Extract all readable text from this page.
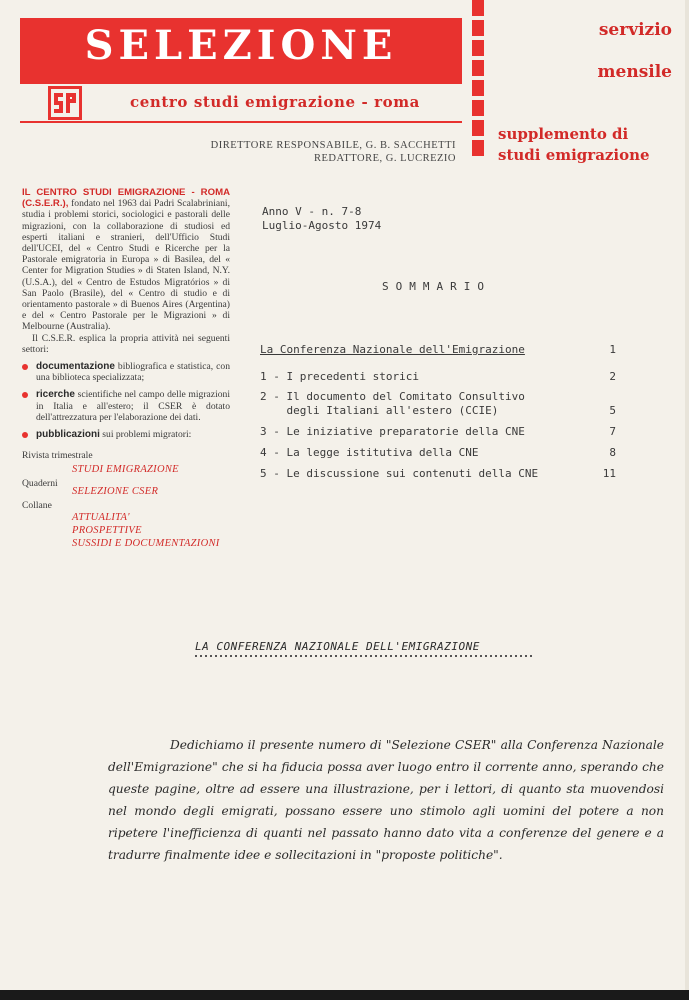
SELEZIONE
centro studi emigrazione - roma
servizio
mensile
supplemento di
studi emigrazione
DIRETTORE RESPONSABILE, G. B. SACCHETTI
REDATTORE, G. LUCREZIO

IL CENTRO STUDI EMIGRAZIONE - ROMA (C.S.E.R.), fondato nel 1963 dai Padri Scalabriniani, studia i problemi storici, sociologici e pastorali delle migrazioni, con la collaborazione di studiosi ed esperti italiani e stranieri, dell'Ufficio Studi dell'UCEI, del « Centro Studi e Ricerche per la Pastorale emigratoria in Europa » di Basilea, del « Center for Migration Studies » di Staten Island, N.Y. (U.S.A.), del « Centro de Estudos Migratórios » di San Paolo (Brasile), del « Centro di studio e di orientamento pastorale » di Buenos Aires (Argentina) e del « Centro Pastorale per le Migrazioni » di Melbourne (Australia).

Il C.S.E.R. esplica la propria attività nei seguenti settori:

documentazione bibliografica e statistica, con una biblioteca specializzata;

ricerche scientifiche nel campo delle migrazioni in Italia e all'estero; il CSER è dotato dell'attrezzatura per l'elaborazione dei dati.

pubblicazioni sui problemi migratori:

Rivista trimestrale
STUDI EMIGRAZIONE
Quaderni
SELEZIONE CSER
Collane
ATTUALITA'
PROSPETTIVE
SUSSIDI E DOCUMENTAZIONI
Anno V - n. 7-8
Luglio-Agosto 1974
SOMMARIO
La Conferenza Nazionale dell'Emigrazione	1
1 - I precedenti storici	2
2 - Il documento del Comitato Consultivo
degli Italiani all'estero (CCIE)	5
3 - Le iniziative preparatorie della CNE	7
4 - La legge istitutiva della CNE	8
5 - Le discussione sui contenuti della CNE	11
LA CONFERENZA NAZIONALE DELL'EMIGRAZIONE
Dedichiamo il presente numero di "Selezione CSER" alla Conferenza Nazionale dell'Emigrazione" che si ha fiducia possa aver luogo entro il corrente anno, sperando che queste pagine, oltre ad essere una illustrazione, per i lettori, di quanto sta muovendosi nel mondo degli emigrati, possano essere uno stimolo agli uomini del potere a non ripetere l'inefficienza di quanti nel passato hanno dato vita a conferenze del genere e a tradurre finalmente idee e sollecitazioni in "proposte politiche".
